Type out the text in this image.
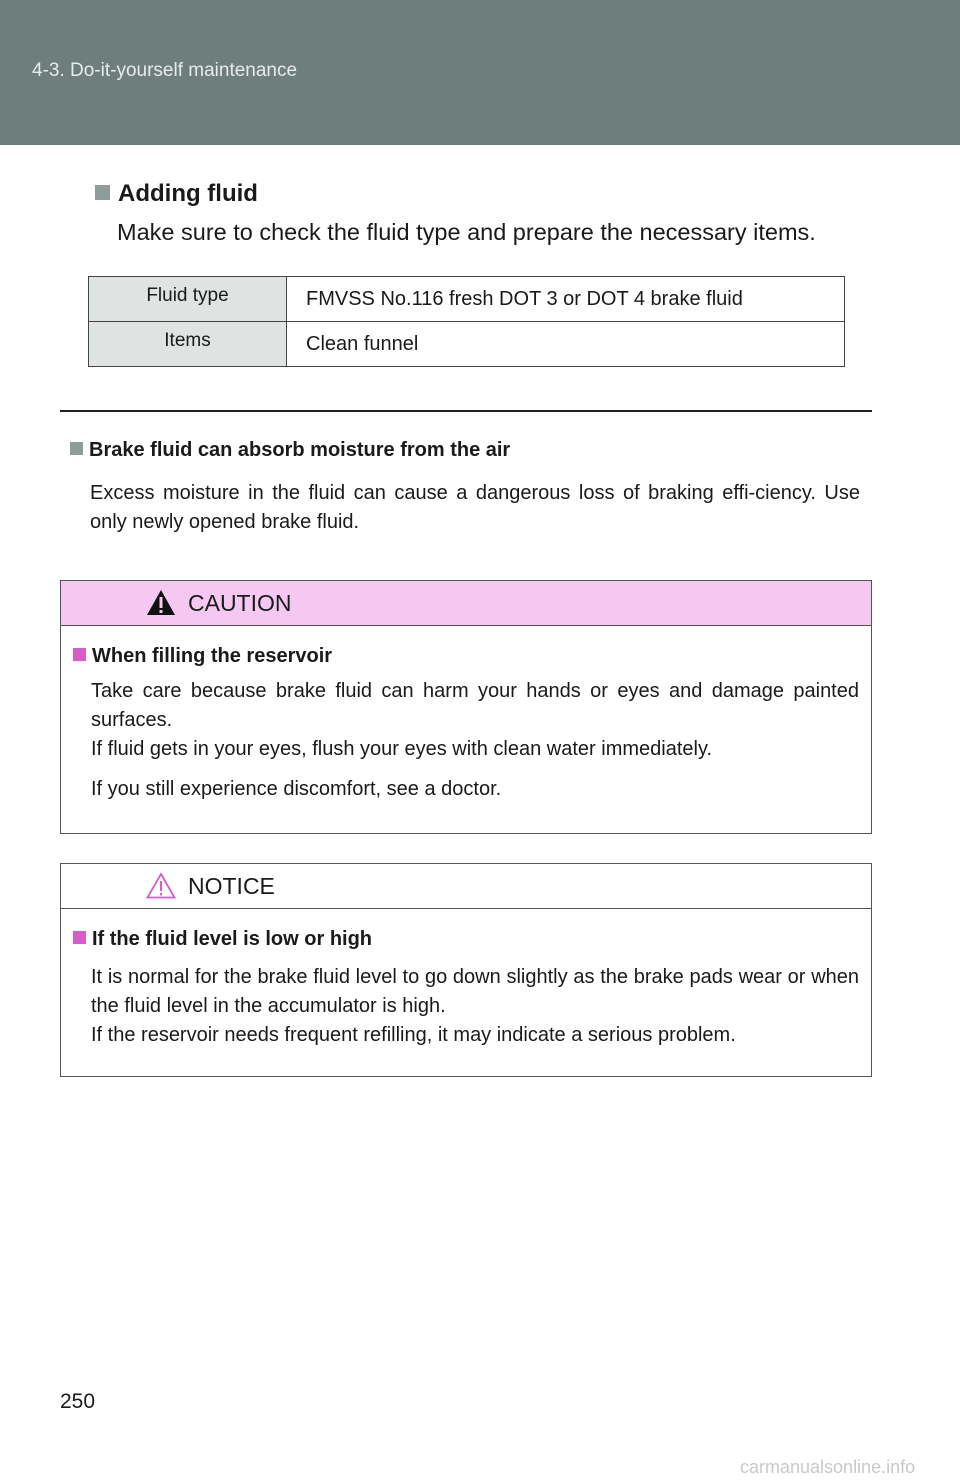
4-3. Do-it-yourself maintenance
Adding fluid
Make sure to check the fluid type and prepare the necessary items.
Fluid type	FMVSS No.116 fresh DOT 3 or DOT 4 brake fluid
Items	Clean funnel
Brake fluid can absorb moisture from the air
Excess moisture in the fluid can cause a dangerous loss of braking effi-ciency. Use only newly opened brake fluid.
CAUTION
When filling the reservoir
Take care because brake fluid can harm your hands or eyes and damage painted surfaces.
If fluid gets in your eyes, flush your eyes with clean water immediately.
If you still experience discomfort, see a doctor.
NOTICE
If the fluid level is low or high
It is normal for the brake fluid level to go down slightly as the brake pads wear or when the fluid level in the accumulator is high.
If the reservoir needs frequent refilling, it may indicate a serious problem.
250
carmanualsonline.info
